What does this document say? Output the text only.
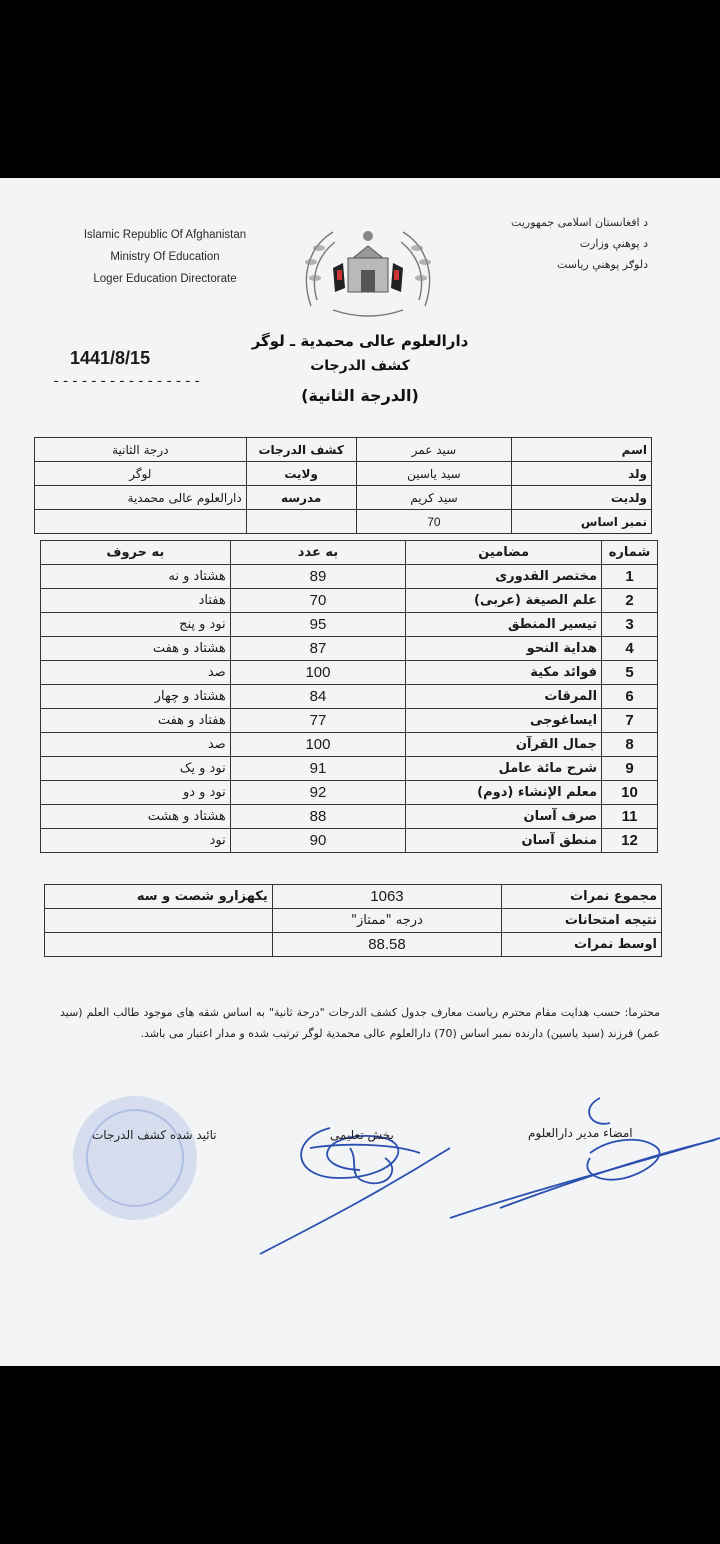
Islamic Republic Of Afghanistan
Ministry Of Education
Loger Education Directorate
د افغانستان اسلامی جمهوریت
د پوهنې وزارت
دلوګر پوهنې ریاست
1441/8/15
----------------
دارالعلوم عالی محمدیة ـ لوگر
کشف الدرجات
(الدرجة الثانیة)
اسم	سید عمر	کشف الدرجات	درجة الثانیة
ولد	سید یاسین	ولایت	لوگر
ولدیت	سید کریم	مدرسه	دارالعلوم عالی محمدیة
نمبر اساس	70		
شماره	مضامین	به عدد	به حروف
1	مختصر القدوری	89	هشتاد و نه
2	علم الصیغة (عربی)	70	هفتاد
3	تیسیر المنطق	95	نود و پنج
4	هدایة النحو	87	هشتاد و هفت
5	فوائد مکیة	100	صد
6	المرقات	84	هشتاد و چهار
7	ایساغوجی	77	هفتاد و هفت
8	جمال القرآن	100	صد
9	شرح مائة عامل	91	نود و یک
10	معلم الإنشاء (دوم)	92	نود و دو
11	صرف آسان	88	هشتاد و هشت
12	منطق آسان	90	نود
مجموع نمرات	1063	یکهزارو شصت و سه
نتیجه امتحانات	درجه "ممتاز"	
اوسط نمرات	88.58	
محترما: حسب هدایت مقام محترم ریاست معارف جدول کشف الدرجات "درجة ثانیة" به اساس شقه های موجود طالب العلم (سید عمر) فرزند (سید یاسین) دارنده نمبر اساس (70) دارالعلوم عالی محمدیة لوگر ترتیب شده و مدار اعتبار می باشد.
تائید شده کشف الدرجات	بخش تعلیمی	امضاء مدیر دارالعلوم
